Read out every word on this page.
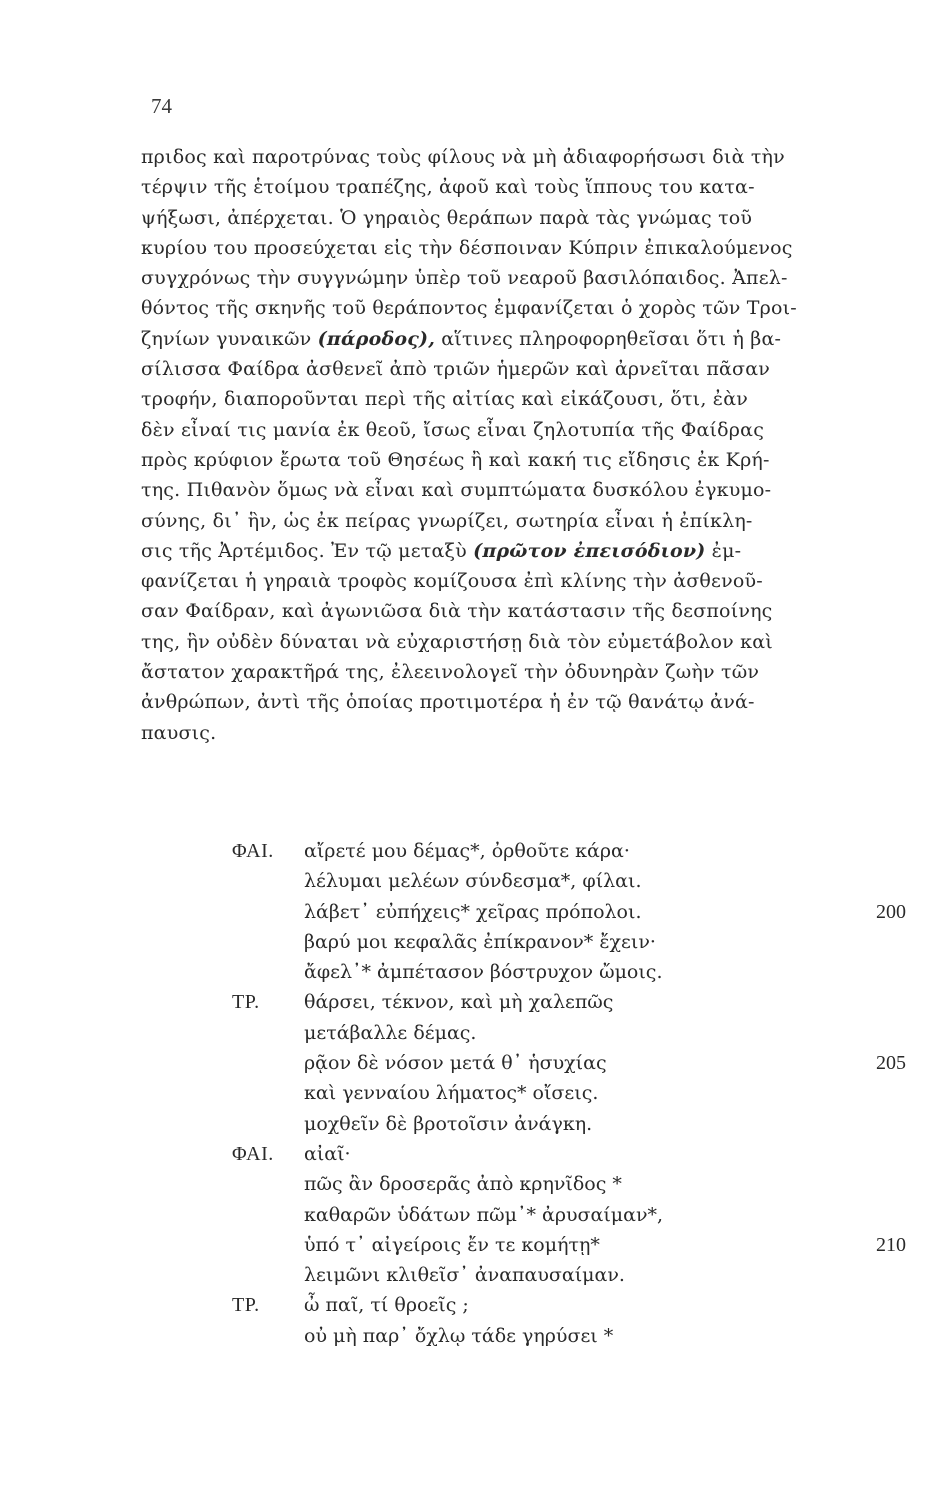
74
πριδος καὶ παροτρύνας τοὺς φίλους νὰ μὴ ἀδιαφορήσωσι διὰ τὴν
τέρψιν τῆς ἑτοίμου τραπέζης, ἀφοῦ καὶ τοὺς ἵππους του κατα-
ψήξωσι, ἀπέρχεται. Ὁ γηραιὸς θεράπων παρὰ τὰς γνώμας τοῦ
κυρίου του προσεύχεται εἰς τὴν δέσποιναν Κύπριν ἐπικαλούμενος
συγχρόνως τὴν συγγνώμην ὑπὲρ τοῦ νεαροῦ βασιλόπαιδος. Ἀπελ-
θόντος τῆς σκηνῆς τοῦ θεράποντος ἐμφανίζεται ὁ χορὸς τῶν Τροι-
ζηνίων γυναικῶν (πάροδος), αἵτινες πληροφορηθεῖσαι ὅτι ἡ βα-
σίλισσα Φαίδρα ἀσθενεῖ ἀπὸ τριῶν ἡμερῶν καὶ ἀρνεῖται πᾶσαν
τροφήν, διαποροῦνται περὶ τῆς αἰτίας καὶ εἰκάζουσι, ὅτι, ἐὰν
δὲν εἶναί τις μανία ἐκ θεοῦ, ἴσως εἶναι ζηλοτυπία τῆς Φαίδρας
πρὸς κρύφιον ἔρωτα τοῦ Θησέως ἢ καὶ κακή τις εἴδησις ἐκ Κρή-
της. Πιθανὸν ὅμως νὰ εἶναι καὶ συμπτώματα δυσκόλου ἐγκυμο-
σύνης, δι᾽ ἣν, ὡς ἐκ πείρας γνωρίζει, σωτηρία εἶναι ἡ ἐπίκλη-
σις τῆς Ἀρτέμιδος. Ἐν τῷ μεταξὺ (πρῶτον ἐπεισόδιον) ἐμ-
φανίζεται ἡ γηραιὰ τροφὸς κομίζουσα ἐπὶ κλίνης τὴν ἀσθενοῦ-
σαν Φαίδραν, καὶ ἀγωνιῶσα διὰ τὴν κατάστασιν τῆς δεσποίνης
της, ἣν οὐδὲν δύναται νὰ εὐχαριστήσῃ διὰ τὸν εὐμετάβολον καὶ
ἄστατον χαρακτῆρά της, ἐλεεινολογεῖ τὴν ὀδυνηρὰν ζωὴν τῶν
ἀνθρώπων, ἀντὶ τῆς ὁποίας προτιμοτέρα ἡ ἐν τῷ θανάτῳ ἀνά-
παυσις.
ΦΑΙ. αἴρετέ μου δέμας*, ὀρθοῦτε κάρα·
λέλυμαι μελέων σύνδεσμα*, φίλαι.
λάβετ᾽ εὐπήχεις* χεῖρας πρόπολοι.	200
βαρύ μοι κεφαλᾶς ἐπίκρανον* ἔχειν·
ἄφελ᾽* ἀμπέτασον βόστρυχον ὤμοις.
ΤΡ. θάρσει, τέκνον, καὶ μὴ χαλεπῶς
μετάβαλλε δέμας.
ρᾷον δὲ νόσον μετά θ᾽ ἡσυχίας	205
καὶ γενναίου λήματος* οἴσεις.
μοχθεῖν δὲ βροτοῖσιν ἀνάγκη.
ΦΑΙ. αἰαῖ·
πῶς ἂν δροσερᾶς ἀπὸ κρηνῖδος *
καθαρῶν ὑδάτων πῶμ᾽* ἀρυσαίμαν*,
ὑπό τ᾽ αἰγείροις ἔν τε κομήτῃ*	210
λειμῶνι κλιθεῖσ᾽ ἀναπαυσαίμαν.
ΤΡ. ὦ παῖ, τί θροεῖς ;
οὐ μὴ παρ᾽ ὄχλῳ τάδε γηρύσει *
